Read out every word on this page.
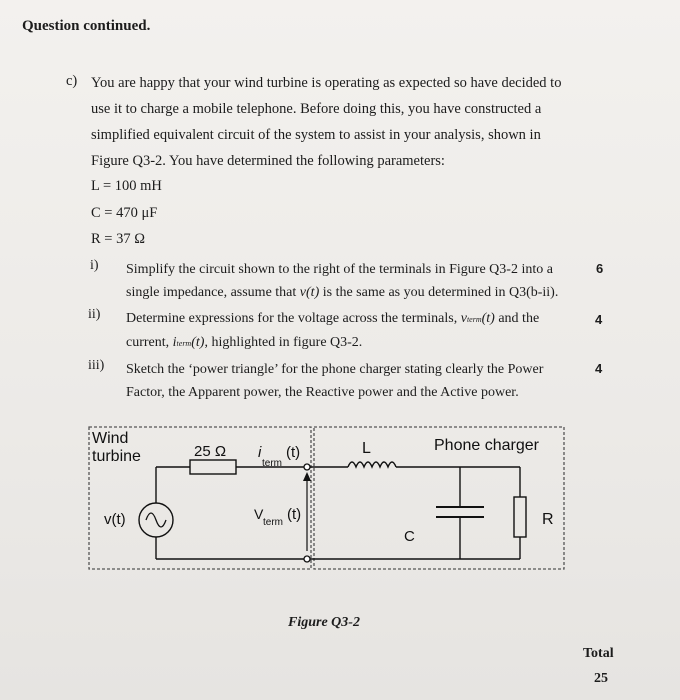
Question continued.
c) You are happy that your wind turbine is operating as expected so have decided to
use it to charge a mobile telephone. Before doing this, you have constructed a
simplified equivalent circuit of the system to assist in your analysis, shown in
Figure Q3-2. You have determined the following parameters:
L = 100 mH
C = 470 μF
R = 37 Ω
i) Simplify the circuit shown to the right of the terminals in Figure Q3-2 into a
single impedance, assume that v(t) is the same as you determined in Q3(b-ii).
6
ii) Determine expressions for the voltage across the terminals, vterm(t) and the
current, iterm(t), highlighted in figure Q3-2.
4
iii) Sketch the ‘power triangle’ for the phone charger stating clearly the Power
Factor, the Apparent power, the Reactive power and the Active power.
4
Wind
turbine	25 Ω	Phone charger
L
v(t)
i
term
(t)
V
term (t)
C
R
Figure Q3-2
Total
25
